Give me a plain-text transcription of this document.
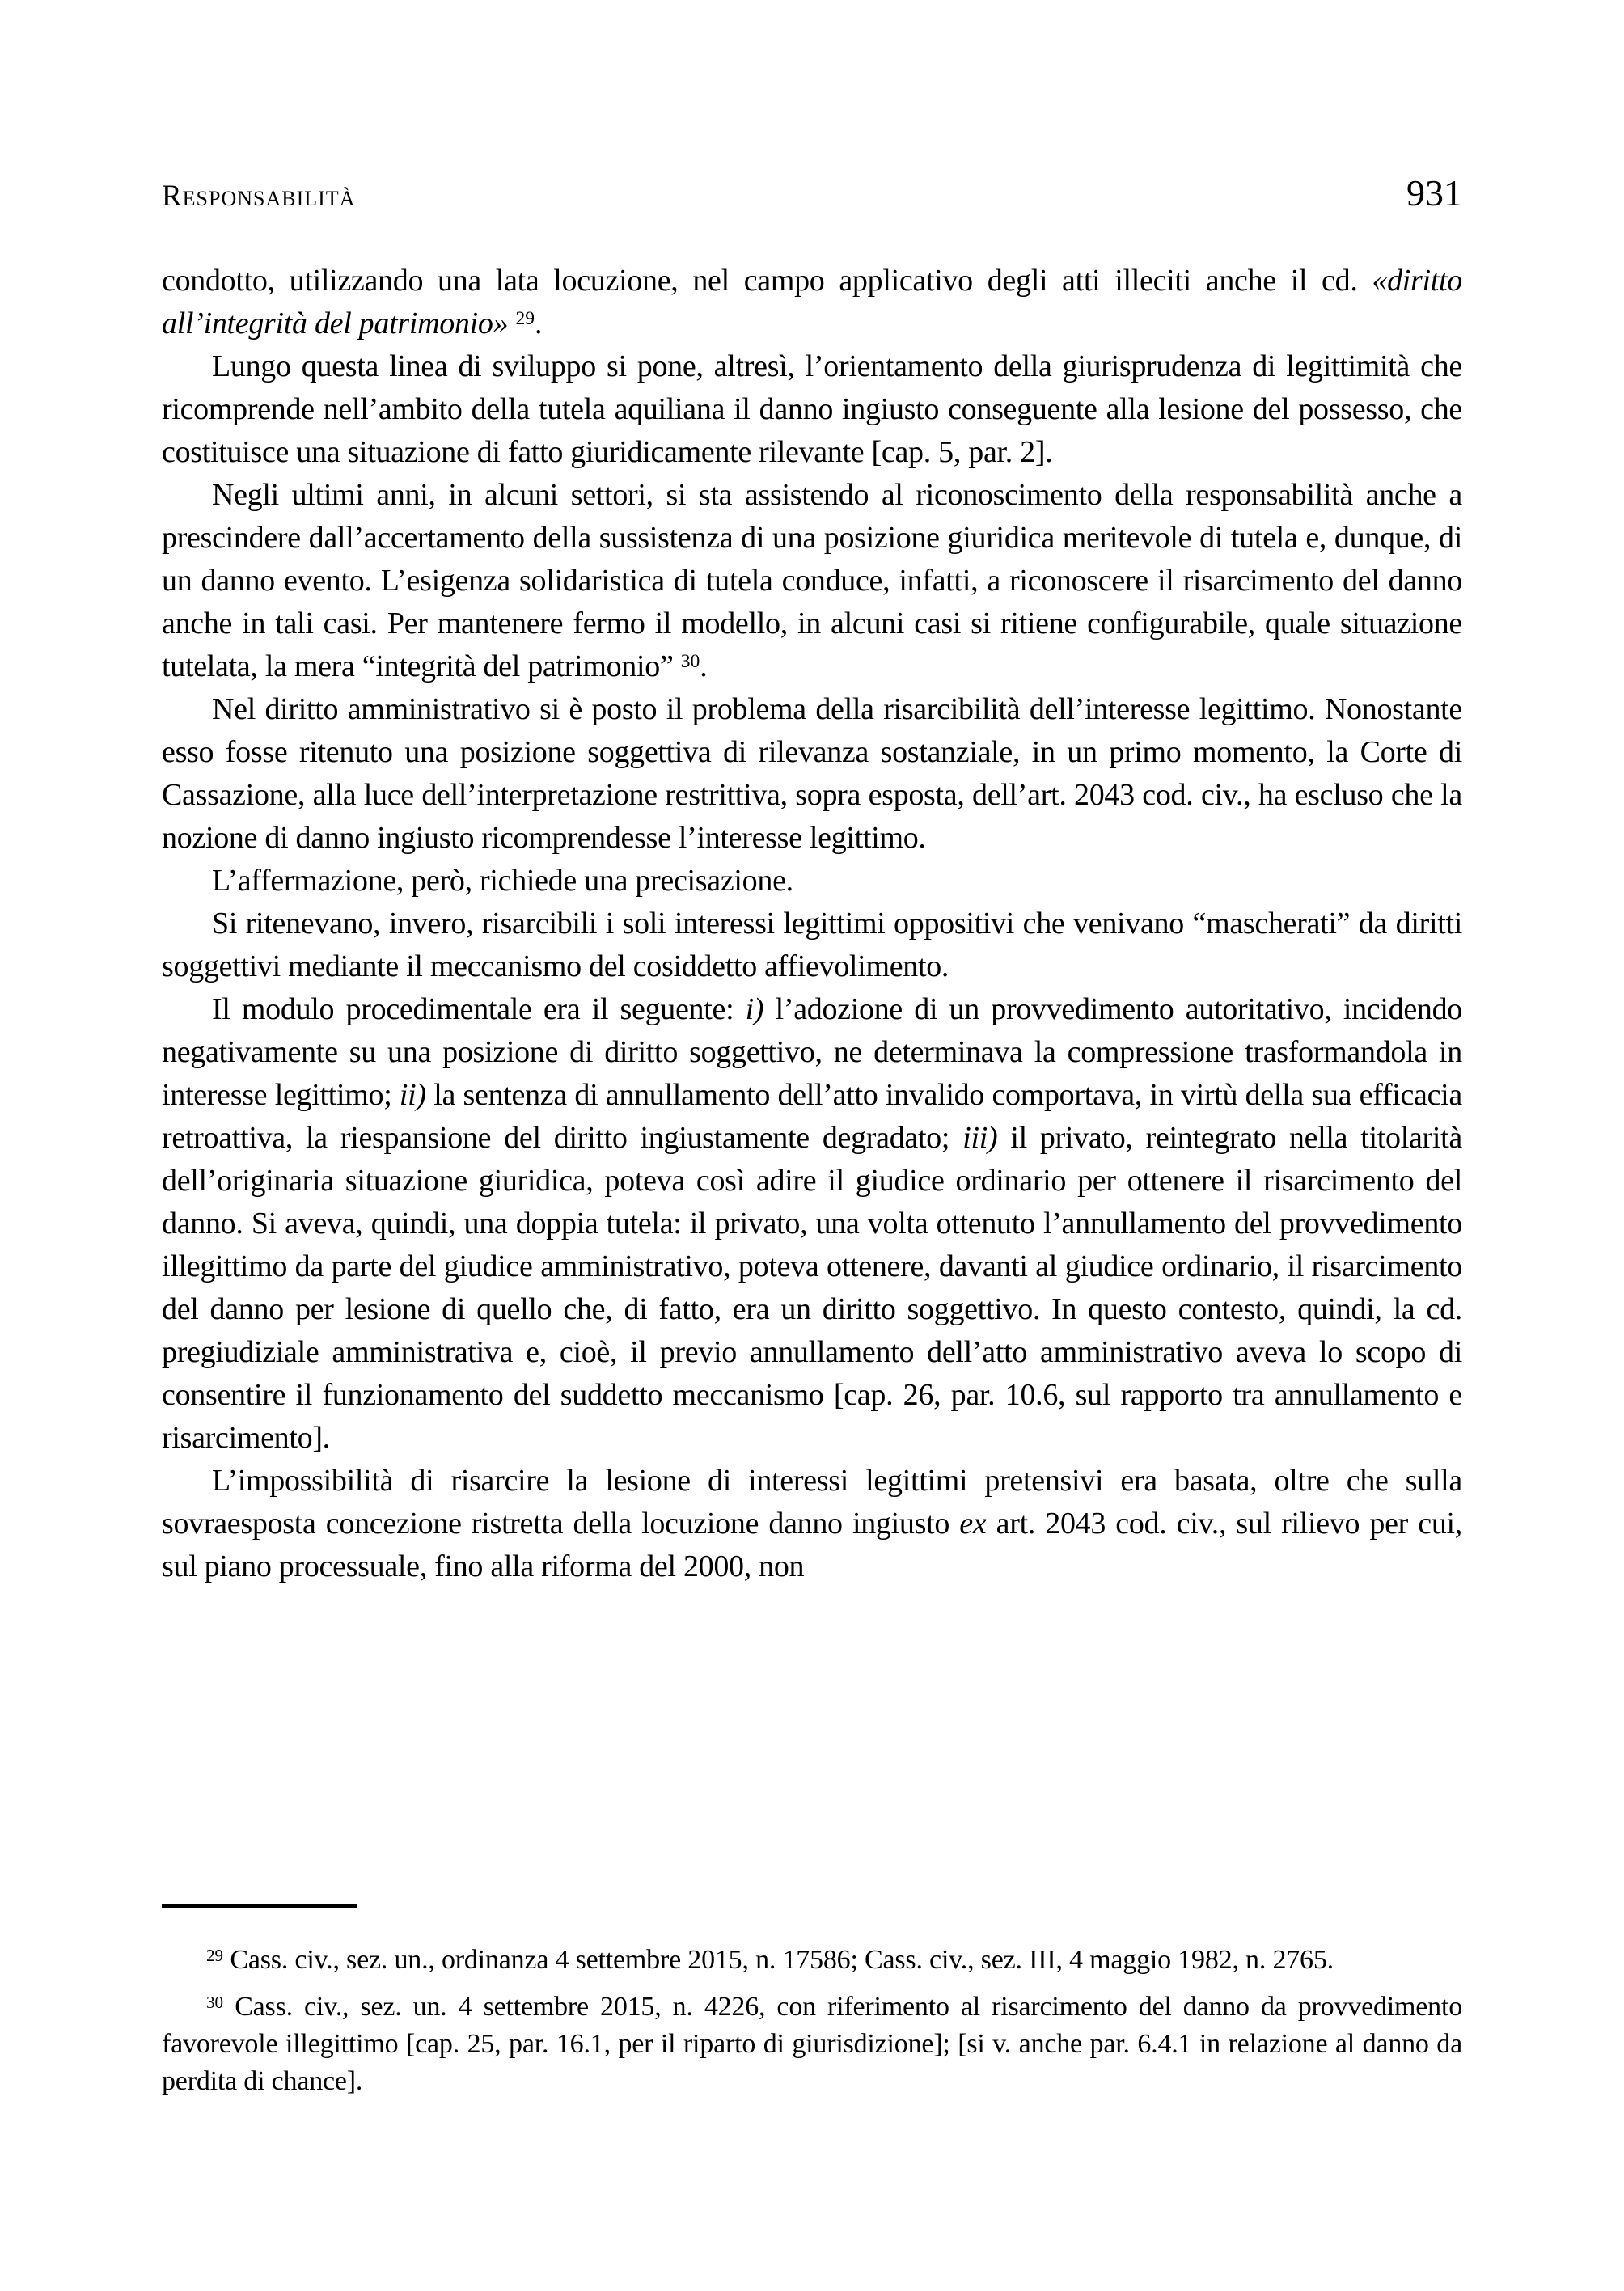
Responsabilità	931

condotto, utilizzando una lata locuzione, nel campo applicativo degli atti illeciti anche il cd. «diritto all’integrità del patrimonio» $^{29}$.

Lungo questa linea di sviluppo si pone, altresì, l’orientamento della giurisprudenza di legittimità che ricomprende nell’ambito della tutela aquiliana il danno ingiusto conseguente alla lesione del possesso, che costituisce una situazione di fatto giuridicamente rilevante [cap. 5, par. 2].

Negli ultimi anni, in alcuni settori, si sta assistendo al riconoscimento della responsabilità anche a prescindere dall’accertamento della sussistenza di una posizione giuridica meritevole di tutela e, dunque, di un danno evento. L’esigenza solidaristica di tutela conduce, infatti, a riconoscere il risarcimento del danno anche in tali casi. Per mantenere fermo il modello, in alcuni casi si ritiene configurabile, quale situazione tutelata, la mera “integrità del patrimonio” $^{30}$.

Nel diritto amministrativo si è posto il problema della risarcibilità dell’interesse legittimo. Nonostante esso fosse ritenuto una posizione soggettiva di rilevanza sostanziale, in un primo momento, la Corte di Cassazione, alla luce dell’interpretazione restrittiva, sopra esposta, dell’art. 2043 cod. civ., ha escluso che la nozione di danno ingiusto ricomprendesse l’interesse legittimo.

L’affermazione, però, richiede una precisazione.

Si ritenevano, invero, risarcibili i soli interessi legittimi oppositivi che venivano “mascherati” da diritti soggettivi mediante il meccanismo del cosiddetto affievolimento.

Il modulo procedimentale era il seguente: i) l’adozione di un provvedimento autoritativo, incidendo negativamente su una posizione di diritto soggettivo, ne determinava la compressione trasformandola in interesse legittimo; ii) la sentenza di annullamento dell’atto invalido comportava, in virtù della sua efficacia retroattiva, la riespansione del diritto ingiustamente degradato; iii) il privato, reintegrato nella titolarità dell’originaria situazione giuridica, poteva così adire il giudice ordinario per ottenere il risarcimento del danno. Si aveva, quindi, una doppia tutela: il privato, una volta ottenuto l’annullamento del provvedimento illegittimo da parte del giudice amministrativo, poteva ottenere, davanti al giudice ordinario, il risarcimento del danno per lesione di quello che, di fatto, era un diritto soggettivo. In questo contesto, quindi, la cd. pregiudiziale amministrativa e, cioè, il previo annullamento dell’atto amministrativo aveva lo scopo di consentire il funzionamento del suddetto meccanismo [cap. 26, par. 10.6, sul rapporto tra annullamento e risarcimento].

L’impossibilità di risarcire la lesione di interessi legittimi pretensivi era basata, oltre che sulla sovraesposta concezione ristretta della locuzione danno ingiusto ex art. 2043 cod. civ., sul rilievo per cui, sul piano processuale, fino alla riforma del 2000, non

$^{29}$ Cass. civ., sez. un., ordinanza 4 settembre 2015, n. 17586; Cass. civ., sez. III, 4 maggio 1982, n. 2765.

$^{30}$ Cass. civ., sez. un. 4 settembre 2015, n. 4226, con riferimento al risarcimento del danno da provvedimento favorevole illegittimo [cap. 25, par. 16.1, per il riparto di giurisdizione]; [si v. anche par. 6.4.1 in relazione al danno da perdita di chance].
